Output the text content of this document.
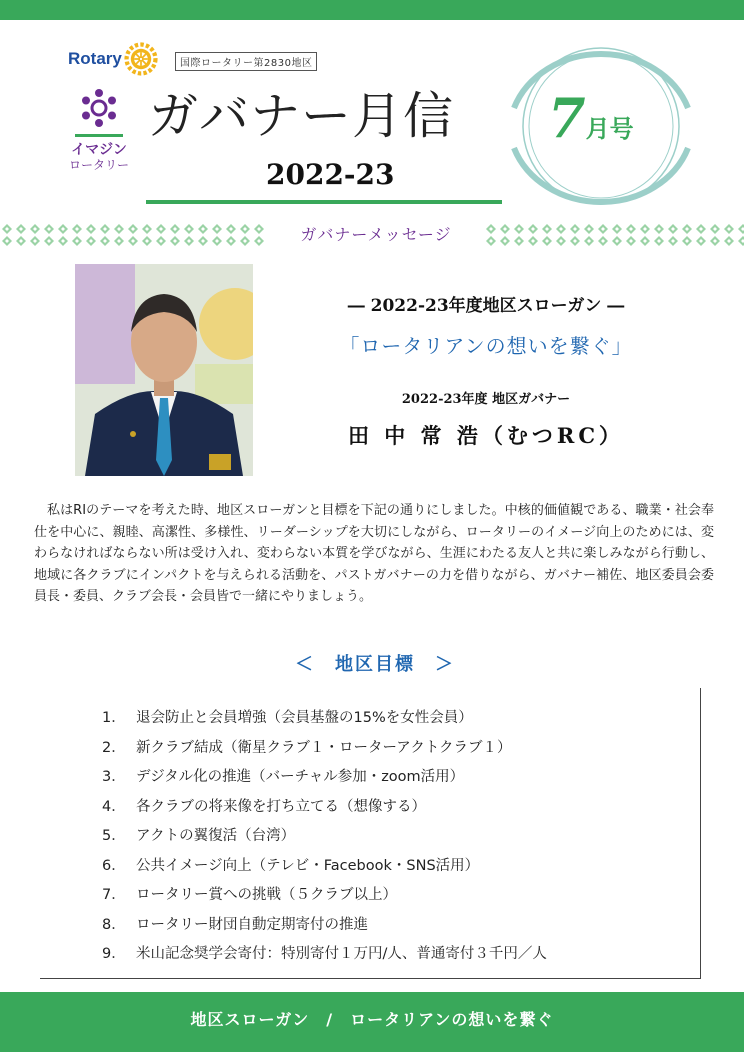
Rotary	国際ロータリー第2830地区
イマジン
ロータリー
ガバナー月信
2022-23
7月号
ガバナーメッセージ
― 2022-23年度地区スローガン ―
「ロータリアンの想いを繋ぐ」
2022-23年度 地区ガバナー
田 中 常 浩（むつRC）

私はRIのテーマを考えた時、地区スローガンと目標を下記の通りにしました。中核的価値観である、職業・社会奉仕を中心に、親睦、高潔性、多様性、リーダーシップを大切にしながら、ロータリーのイメージ向上のためには、変わらなければならない所は受け入れ、変わらない本質を学びながら、生涯にわたる友人と共に楽しみながら行動し、地域に各クラブにインパクトを与えられる活動を、パストガバナーの力を借りながら、ガバナー補佐、地区委員会委員長・委員、クラブ会長・会員皆で一緒にやりましょう。

＜　地区目標　＞
1． 退会防止と会員増強（会員基盤の15%を女性会員）
2． 新クラブ結成（衛星クラブ１・ローターアクトクラブ１）
3． デジタル化の推進（バーチャル参加・zoom活用）
4． 各クラブの将来像を打ち立てる（想像する）
5． アクトの翼復活（台湾）
6． 公共イメージ向上（テレビ・Facebook・SNS活用）
7． ロータリー賞への挑戦（５クラブ以上）
8． ロータリー財団自動定期寄付の推進
9． 米山記念奨学会寄付：特別寄付１万円/人、普通寄付３千円／人
地区スローガン　/　ロータリアンの想いを繋ぐ
